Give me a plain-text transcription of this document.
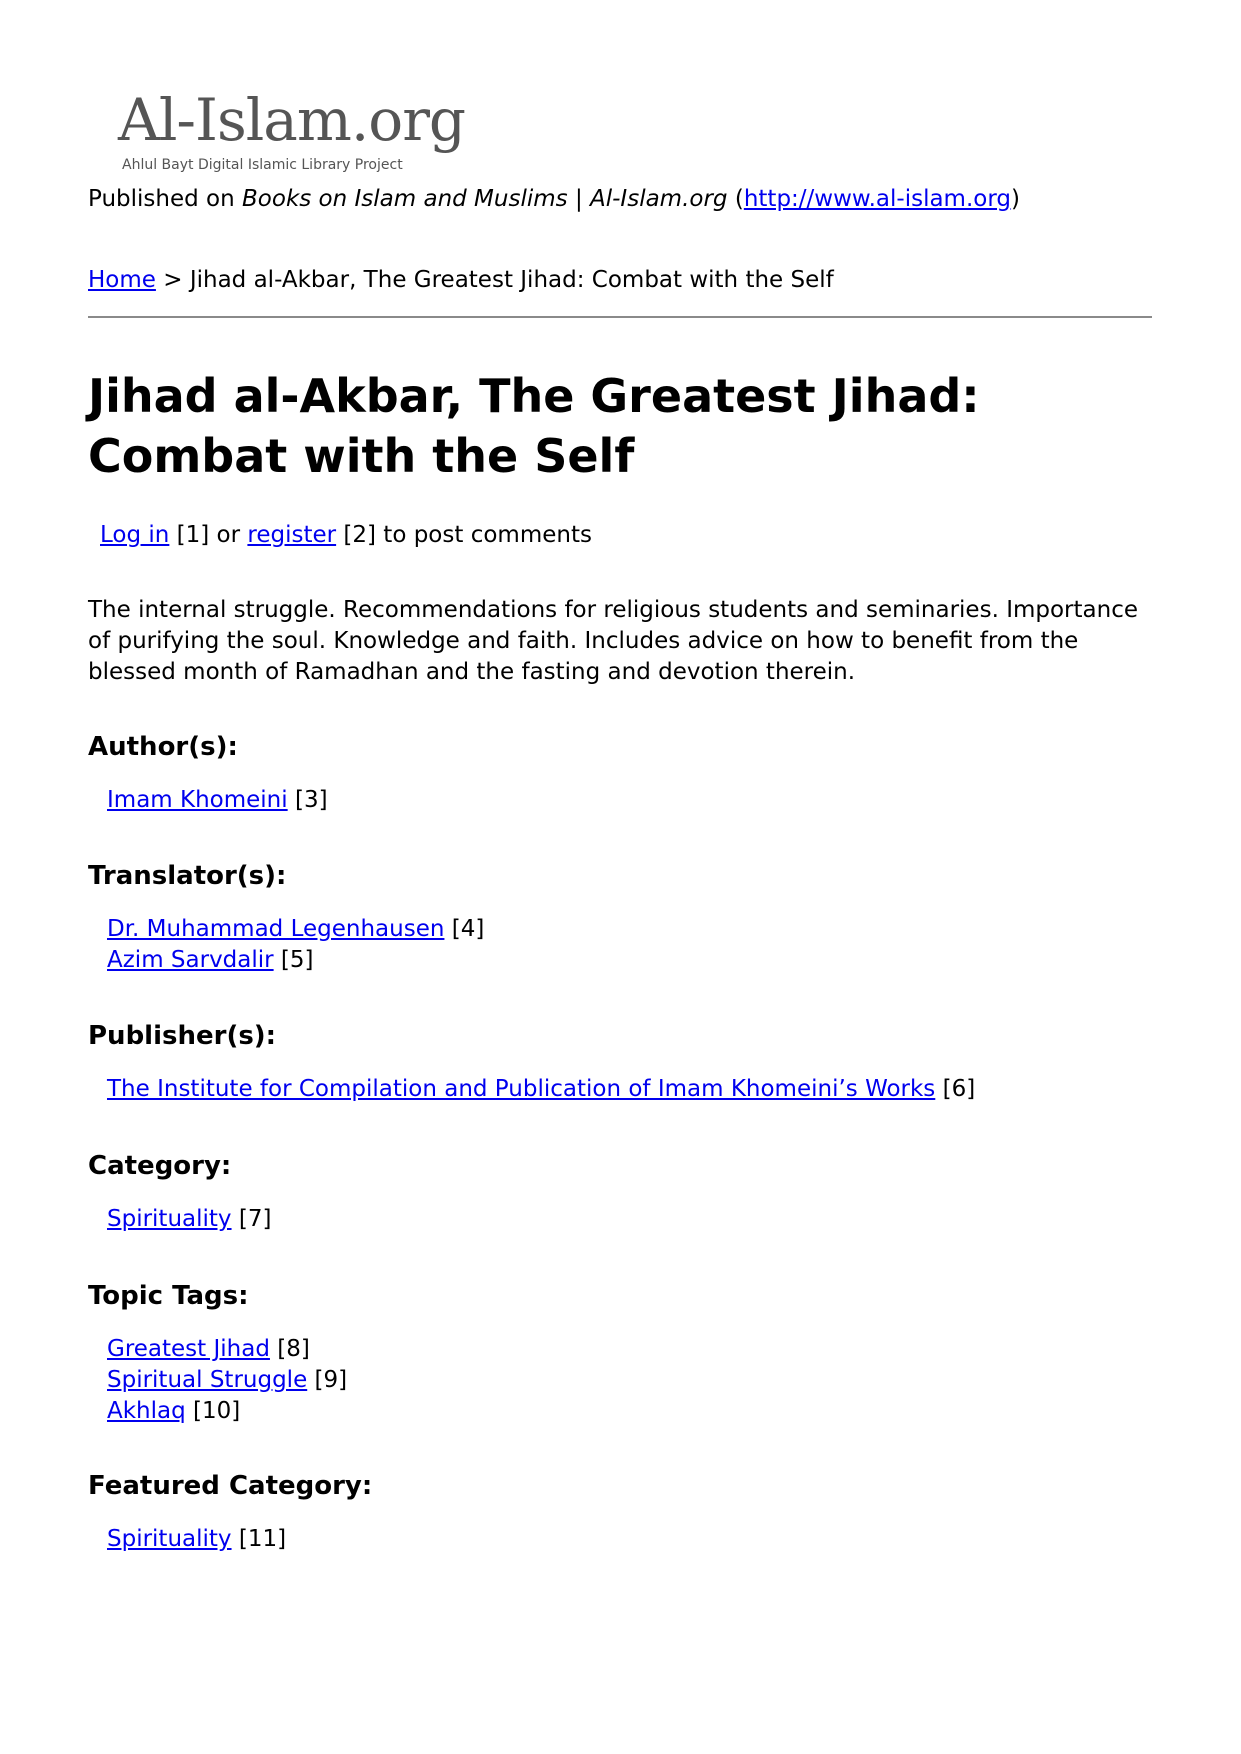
Al-Islam.org
Ahlul Bayt Digital Islamic Library Project
Published on Books on Islam and Muslims | Al-Islam.org (http://www.al-islam.org)
Home > Jihad al-Akbar, The Greatest Jihad: Combat with the Self
Jihad al-Akbar, The Greatest Jihad: Combat with the Self
Log in [1] or register [2] to post comments

The internal struggle. Recommendations for religious students and seminaries. Importance of purifying the soul. Knowledge and faith. Includes advice on how to benefit from the blessed month of Ramadhan and the fasting and devotion therein.

Author(s):
Imam Khomeini [3]
Translator(s):
Dr. Muhammad Legenhausen [4]
Azim Sarvdalir [5]
Publisher(s):
The Institute for Compilation and Publication of Imam Khomeini’s Works [6]
Category:
Spirituality [7]
Topic Tags:
Greatest Jihad [8]
Spiritual Struggle [9]
Akhlaq [10]
Featured Category:
Spirituality [11]
